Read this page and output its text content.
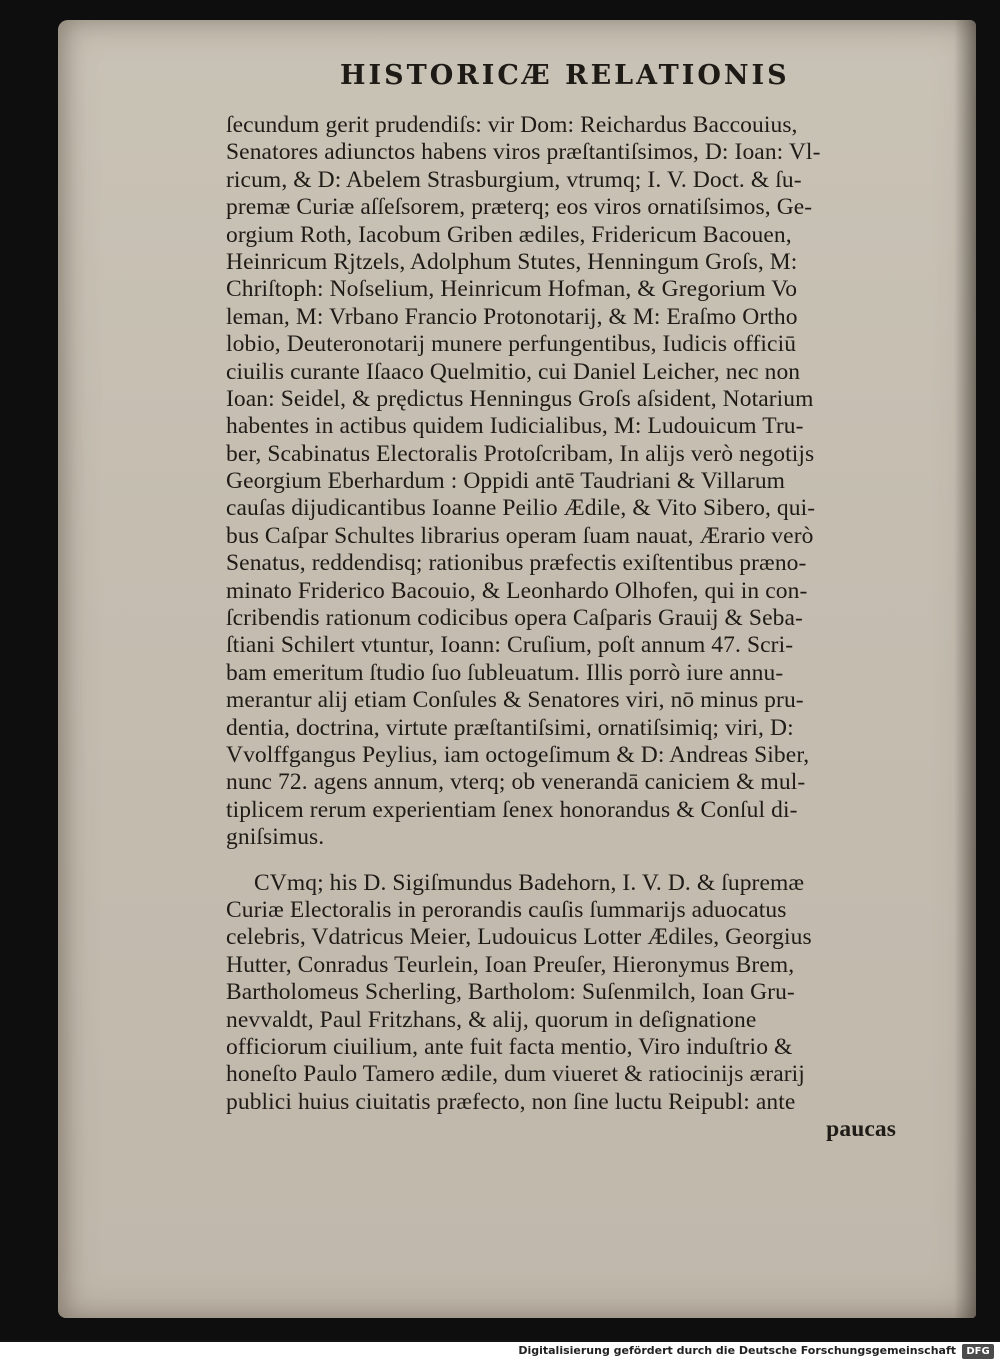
HISTORICÆ RELATIONIS
ſecundum gerit prudendiſs: vir Dom: Reichardus Baccouius,
Senatores adiunctos habens viros præſtantiſsimos, D: Ioan: Vl-
ricum, & D: Abelem Strasburgium, vtrumq; I. V. Doct. & ſu-
premæ Curiæ aſſeſsorem, præterq; eos viros ornatiſsimos, Ge-
orgium Roth, Iacobum Griben ædiles, Fridericum Bacouen,
Heinricum Rjtzels, Adolphum Stutes, Henningum Groſs, M:
Chriſtoph: Noſselium, Heinricum Hofman, & Gregorium Vo
leman, M: Vrbano Francio Protonotarij, & M: Eraſmo Ortho
lobio, Deuteronotarij munere perfungentibus, Iudicis officiū
ciuilis curante Iſaaco Quelmitio, cui Daniel Leicher, nec non
Ioan: Seidel, & prędictus Henningus Groſs aſsident, Notarium
habentes in actibus quidem Iudicialibus, M: Ludouicum Tru-
ber, Scabinatus Electoralis Protoſcribam, In alijs verò negotijs
Georgium Eberhardum : Oppidi antē Taudriani & Villarum
cauſas dijudicantibus Ioanne Peilio Ædile, & Vito Sibero, qui-
bus Caſpar Schultes librarius operam ſuam nauat, Ærario verò
Senatus, reddendisq; rationibus præfectis exiſtentibus præno-
minato Friderico Bacouio, & Leonhardo Olhofen, qui in con-
ſcribendis rationum codicibus opera Caſparis Grauij & Seba-
ſtiani Schilert vtuntur, Ioann: Cruſium, poſt annum 47. Scri-
bam emeritum ſtudio ſuo ſubleuatum. Illis porrò iure annu-
merantur alij etiam Conſules & Senatores viri, nō minus pru-
dentia, doctrina, virtute præſtantiſsimi, ornatiſsimiq; viri, D:
Vvolffgangus Peylius, iam octogeſimum & D: Andreas Siber,
nunc 72. agens annum, vterq; ob venerandā caniciem & mul-
tiplicem rerum experientiam ſenex honorandus & Conſul di-
gniſsimus.
CVmq; his D. Sigiſmundus Badehorn, I. V. D. & ſupremæ
Curiæ Electoralis in perorandis cauſis ſummarijs aduocatus
celebris, Vdatricus Meier, Ludouicus Lotter Ædiles, Georgius
Hutter, Conradus Teurlein, Ioan Preuſer, Hieronymus Brem,
Bartholomeus Scherling, Bartholom: Suſenmilch, Ioan Gru-
nevvaldt, Paul Fritzhans, & alij, quorum in deſignatione
officiorum ciuilium, ante fuit facta mentio, Viro induſtrio &
honeſto Paulo Tamero ædile, dum viueret & ratiocinijs ærarij
publici huius ciuitatis præfecto, non ſine luctu Reipubl: ante
paucas
Digitalisierung gefördert durch die Deutsche Forschungsgemeinschaft	DFG
